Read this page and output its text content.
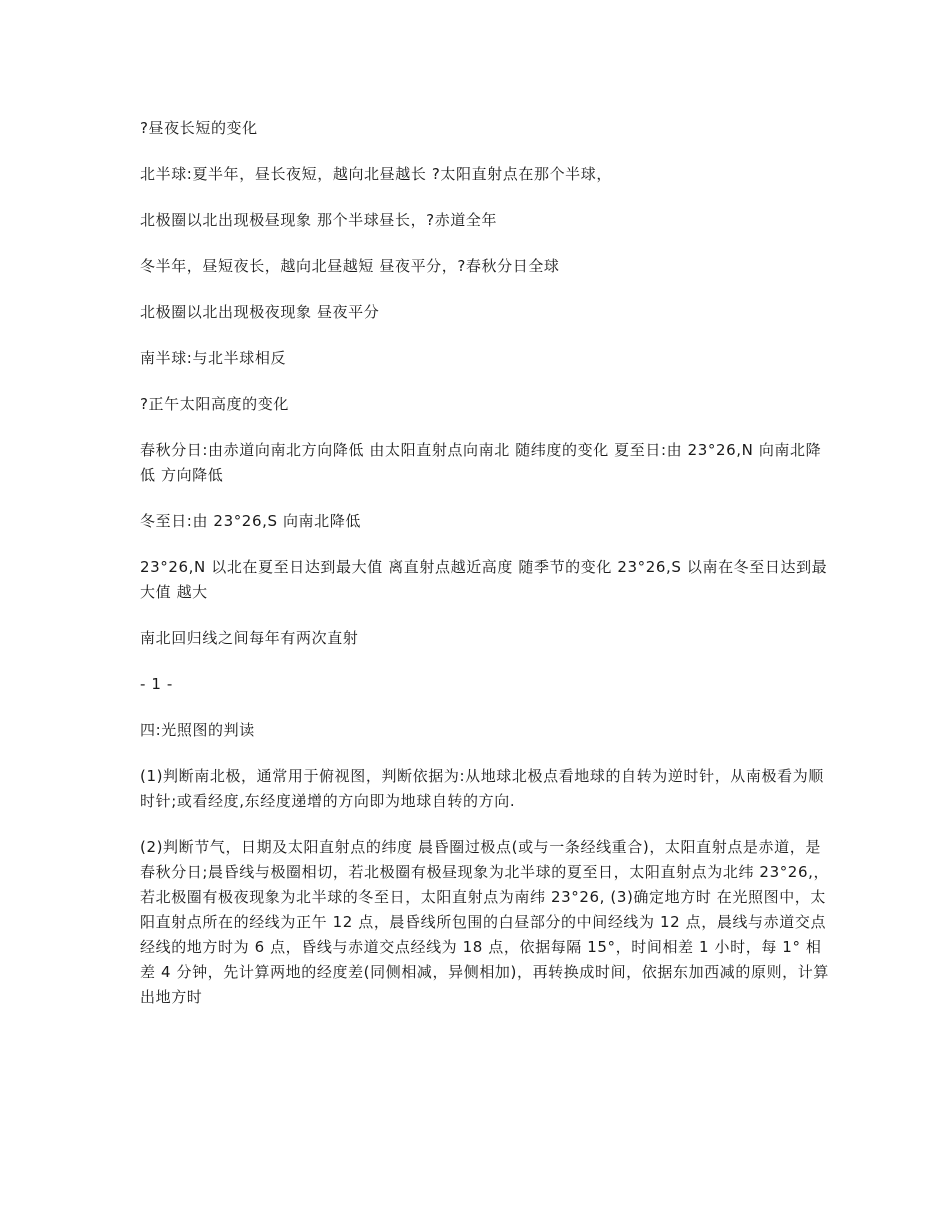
?昼夜长短的变化

北半球:夏半年，昼长夜短，越向北昼越长 ?太阳直射点在那个半球，

北极圈以北出现极昼现象 那个半球昼长，?赤道全年

冬半年，昼短夜长，越向北昼越短 昼夜平分，?春秋分日全球

北极圈以北出现极夜现象 昼夜平分

南半球:与北半球相反

?正午太阳高度的变化

春秋分日:由赤道向南北方向降低 由太阳直射点向南北 随纬度的变化 夏至日:由 23°26,N 向南北降低 方向降低

冬至日:由 23°26,S 向南北降低

23°26,N 以北在夏至日达到最大值 离直射点越近高度 随季节的变化 23°26,S 以南在冬至日达到最大值 越大

南北回归线之间每年有两次直射

- 1 -

四:光照图的判读

(1)判断南北极，通常用于俯视图，判断依据为:从地球北极点看地球的自转为逆时针，从南极看为顺时针;或看经度,东经度递增的方向即为地球自转的方向.

(2)判断节气，日期及太阳直射点的纬度 晨昏圈过极点(或与一条经线重合)，太阳直射点是赤道，是春秋分日;晨昏线与极圈相切，若北极圈有极昼现象为北半球的夏至日，太阳直射点为北纬 23°26,，若北极圈有极夜现象为北半球的冬至日，太阳直射点为南纬 23°26, (3)确定地方时 在光照图中，太阳直射点所在的经线为正午 12 点，晨昏线所包围的白昼部分的中间经线为 12 点，晨线与赤道交点经线的地方时为 6 点，昏线与赤道交点经线为 18 点，依据每隔 15°，时间相差 1 小时，每 1° 相差 4 分钟，先计算两地的经度差(同侧相减，异侧相加)，再转换成时间，依据东加西减的原则，计算出地方时
